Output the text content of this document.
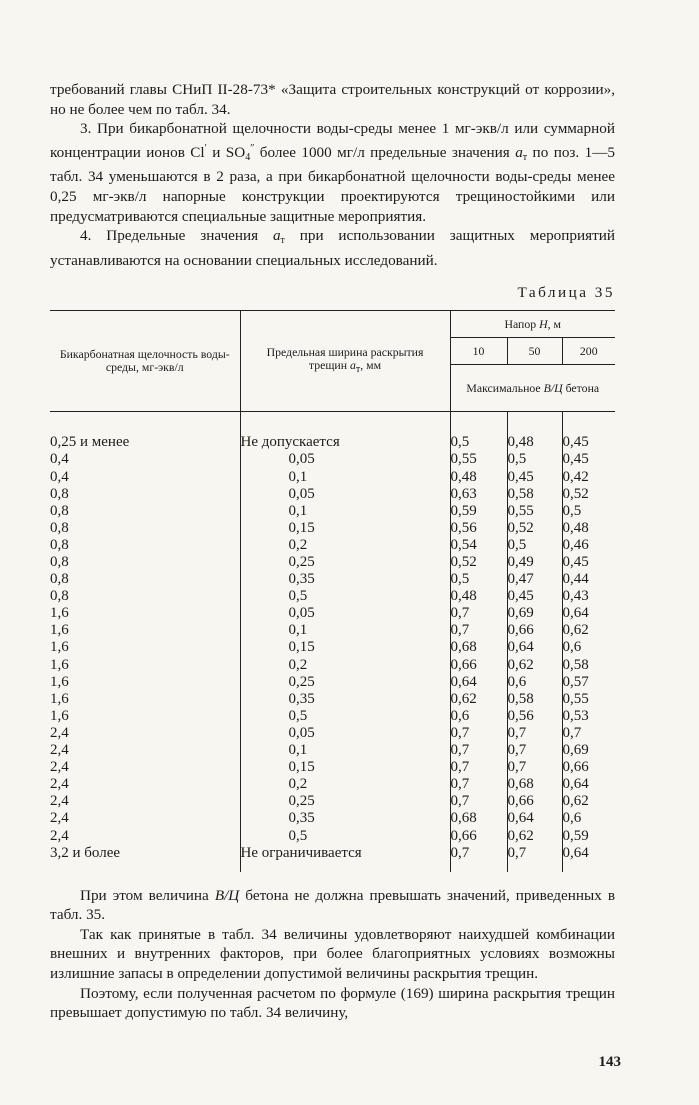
требований главы СНиП II-28-73* «Защита строительных конструкций от коррозии», но не более чем по табл. 34.

3. При бикарбонатной щелочности воды-среды менее 1 мг-экв/л или суммарной концентрации ионов Cl′ и $SO_4''$ более 1000 мг/л предельные значения $a_т$ по поз. 1—5 табл. 34 уменьшаются в 2 раза, а при бикарбонатной щелочности воды-среды менее 0,25 мг-экв/л напорные конструкции проектируются трещиностойкими или предусматриваются специальные защитные мероприятия.

4. Предельные значения $a_т$ при использовании защитных мероприятий устанавливаются на основании специальных исследований.

Таблица 35
Бикарбонатная щелочность воды-среды, мг-экв/л	Предельная ширина раскрытия трещин $a_т$, мм	Напор H, м		
		10	50	200
		Максимальное В/Ц бетона		

0,25 и менее	Не допускается	0,5	0,48	0,45
0,4	0,05	0,55	0,5	0,45
0,4	0,1	0,48	0,45	0,42
0,8	0,05	0,63	0,58	0,52
0,8	0,1	0,59	0,55	0,5
0,8	0,15	0,56	0,52	0,48
0,8	0,2	0,54	0,5	0,46
0,8	0,25	0,52	0,49	0,45
0,8	0,35	0,5	0,47	0,44
0,8	0,5	0,48	0,45	0,43
1,6	0,05	0,7	0,69	0,64
1,6	0,1	0,7	0,66	0,62
1,6	0,15	0,68	0,64	0,6
1,6	0,2	0,66	0,62	0,58
1,6	0,25	0,64	0,6	0,57
1,6	0,35	0,62	0,58	0,55
1,6	0,5	0,6	0,56	0,53
2,4	0,05	0,7	0,7	0,7
2,4	0,1	0,7	0,7	0,69
2,4	0,15	0,7	0,7	0,66
2,4	0,2	0,7	0,68	0,64
2,4	0,25	0,7	0,66	0,62
2,4	0,35	0,68	0,64	0,6
2,4	0,5	0,66	0,62	0,59
3,2 и более	Не ограничивается	0,7	0,7	0,64

При этом величина В/Ц бетона не должна превышать значений, приведенных в табл. 35.

Так как принятые в табл. 34 величины удовлетворяют наихудшей комбинации внешних и внутренних факторов, при более благоприятных условиях возможны излишние запасы в определении допустимой величины раскрытия трещин.

Поэтому, если полученная расчетом по формуле (169) ширина раскрытия трещин превышает допустимую по табл. 34 величину,

143
